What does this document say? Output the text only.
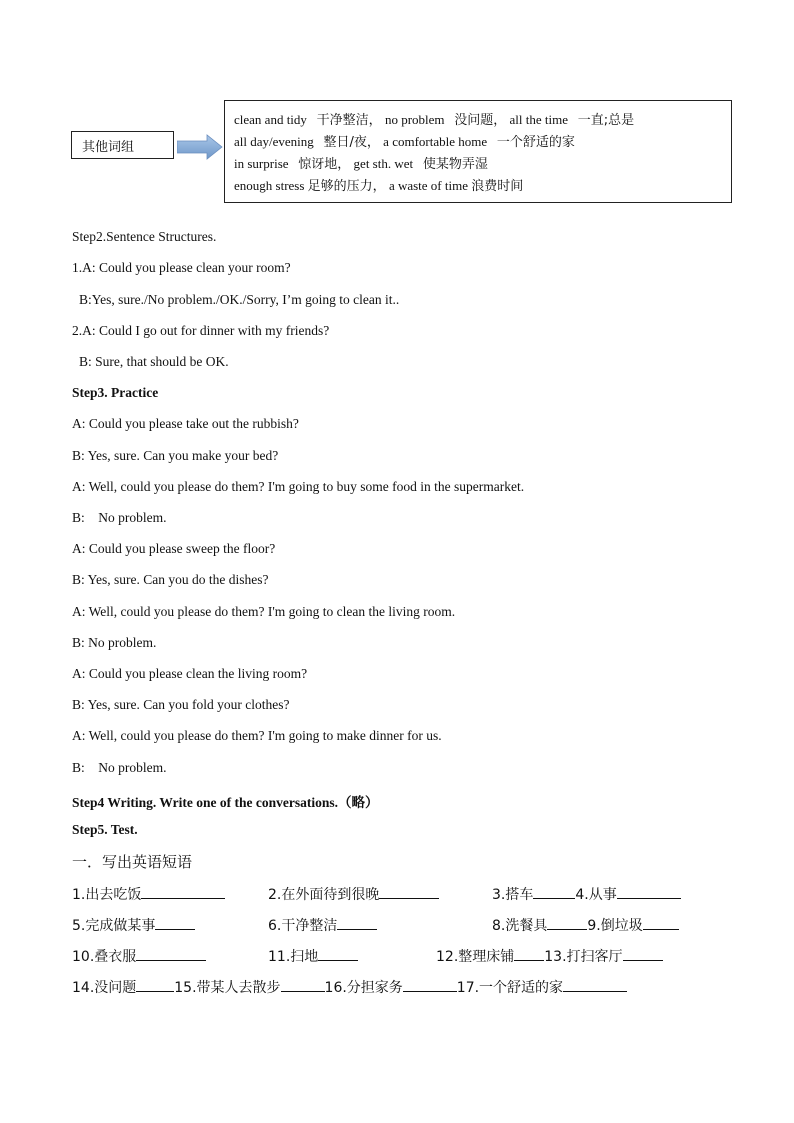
其他词组
clean and tidy 干净整洁， no problem 没问题， all the time 一直;总是
all day/evening 整日/夜， a comfortable home 一个舒适的家
in surprise 惊讶地， get sth. wet 使某物弄湿
enough stress 足够的压力， a waste of time 浪费时间
Step2.Sentence Structures.
1.A: Could you please clean your room?
B:Yes, sure./No problem./OK./Sorry, I’m going to clean it..
2.A: Could I go out for dinner with my friends?
B: Sure, that should be OK.
Step3. Practice
A: Could you please take out the rubbish?
B: Yes, sure. Can you make your bed?
A: Well, could you please do them? I'm going to buy some food in the supermarket.
B:    No problem.
A: Could you please sweep the floor?
B: Yes, sure. Can you do the dishes?
A: Well, could you please do them? I'm going to clean the living room.
B: No problem.
A: Could you please clean the living room?
B: Yes, sure. Can you fold your clothes?
A: Well, could you please do them? I'm going to make dinner for us.
B:    No problem.
Step4 Writing. Write one of the conversations.（略）
Step5. Test.
一．写出英语短语
1.出去吃饭	2.在外面待到很晚	3.搭车	4.从事
5.完成做某事	6.干净整洁	8.洗餐具	9.倒垃圾
10.叠衣服	11.扫地	12.整理床铺 13.打扫客厅
14.没问题	15.带某人去散步	16.分担家务	17.一个舒适的家
